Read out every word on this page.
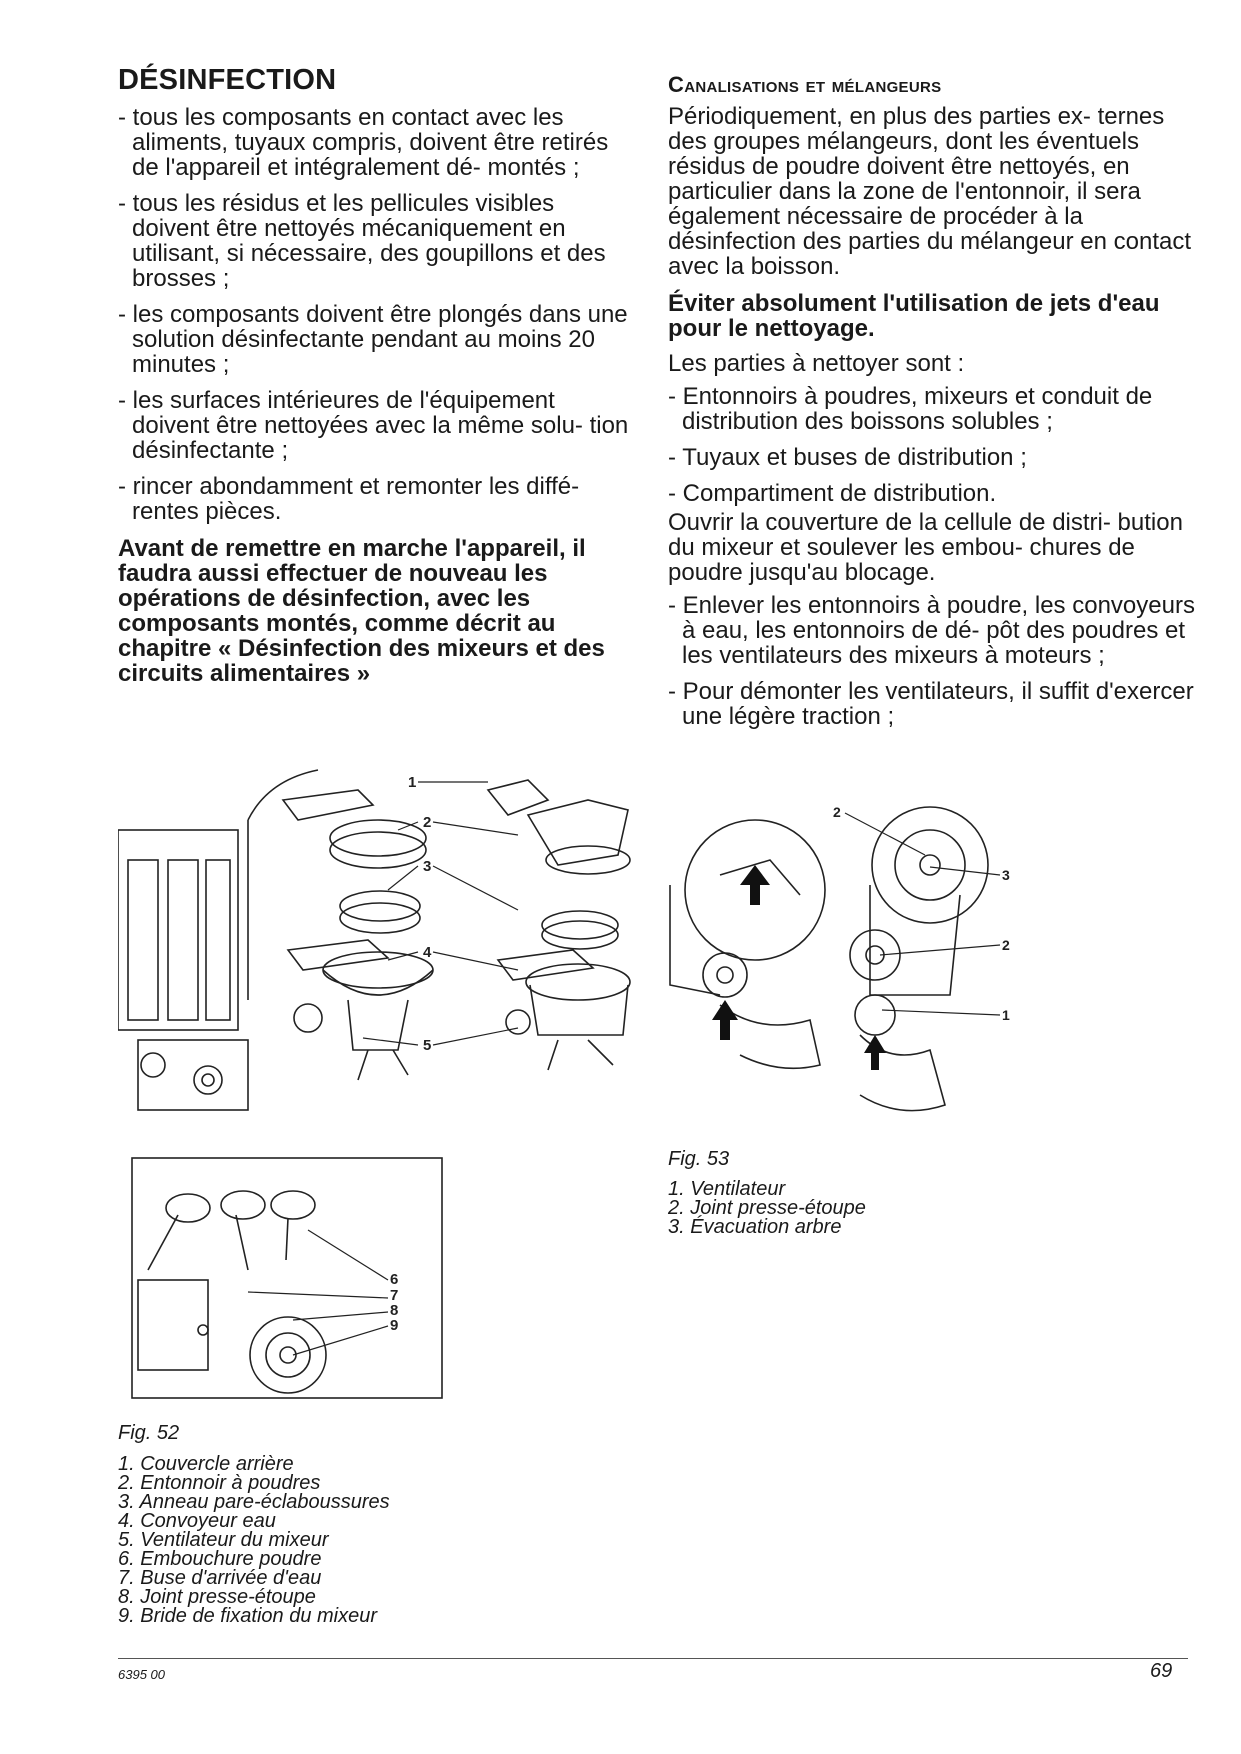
DÉSINFECTION
- tous les composants en contact avec les aliments, tuyaux compris, doivent être retirés de l'appareil et intégralement dé- montés ;
- tous les résidus et les pellicules visibles doivent être nettoyés mécaniquement en utilisant, si nécessaire, des goupillons et des brosses ;
- les composants doivent être plongés dans une solution désinfectante pendant au moins 20 minutes ;
- les surfaces intérieures de l'équipement doivent être nettoyées avec la même solu- tion désinfectante ;
- rincer abondamment et remonter les diffé- rentes pièces.
Avant de remettre en marche l'appareil, il faudra aussi effectuer de nouveau les opérations de désinfection, avec les composants montés, comme décrit au chapitre « Désinfection des mixeurs et des circuits alimentaires »
Canalisations et mélangeurs
Périodiquement, en plus des parties ex- ternes des groupes mélangeurs, dont les éventuels résidus de poudre doivent être nettoyés, en particulier dans la zone de l'entonnoir, il sera également nécessaire de procéder à la désinfection des parties du mélangeur en contact avec la boisson.
Éviter absolument l'utilisation de jets d'eau pour le nettoyage.
Les parties à nettoyer sont :
- Entonnoirs à poudres, mixeurs et conduit de distribution des boissons solubles ;
- Tuyaux et buses de distribution ;
- Compartiment de distribution.
Ouvrir la couverture de la cellule de distri- bution du mixeur et soulever les embou- chures de poudre jusqu'au blocage.
- Enlever les entonnoirs à poudre, les convoyeurs à eau, les entonnoirs de dé- pôt des poudres et les ventilateurs des mixeurs à moteurs ;
- Pour démonter les ventilateurs, il suffit d'exercer une légère traction ;
1
2
3
4
5
6
7
8
9
Fig. 52
1. Couvercle arrière
2. Entonnoir à poudres
3. Anneau pare-éclaboussures
4. Convoyeur eau
5. Ventilateur du mixeur
6. Embouchure poudre
7. Buse d'arrivée d'eau
8. Joint presse-étoupe
9. Bride de fixation du mixeur
2
3
2
1
Fig. 53
1. Ventilateur
2. Joint presse-étoupe
3. Évacuation arbre
6395 00	69
